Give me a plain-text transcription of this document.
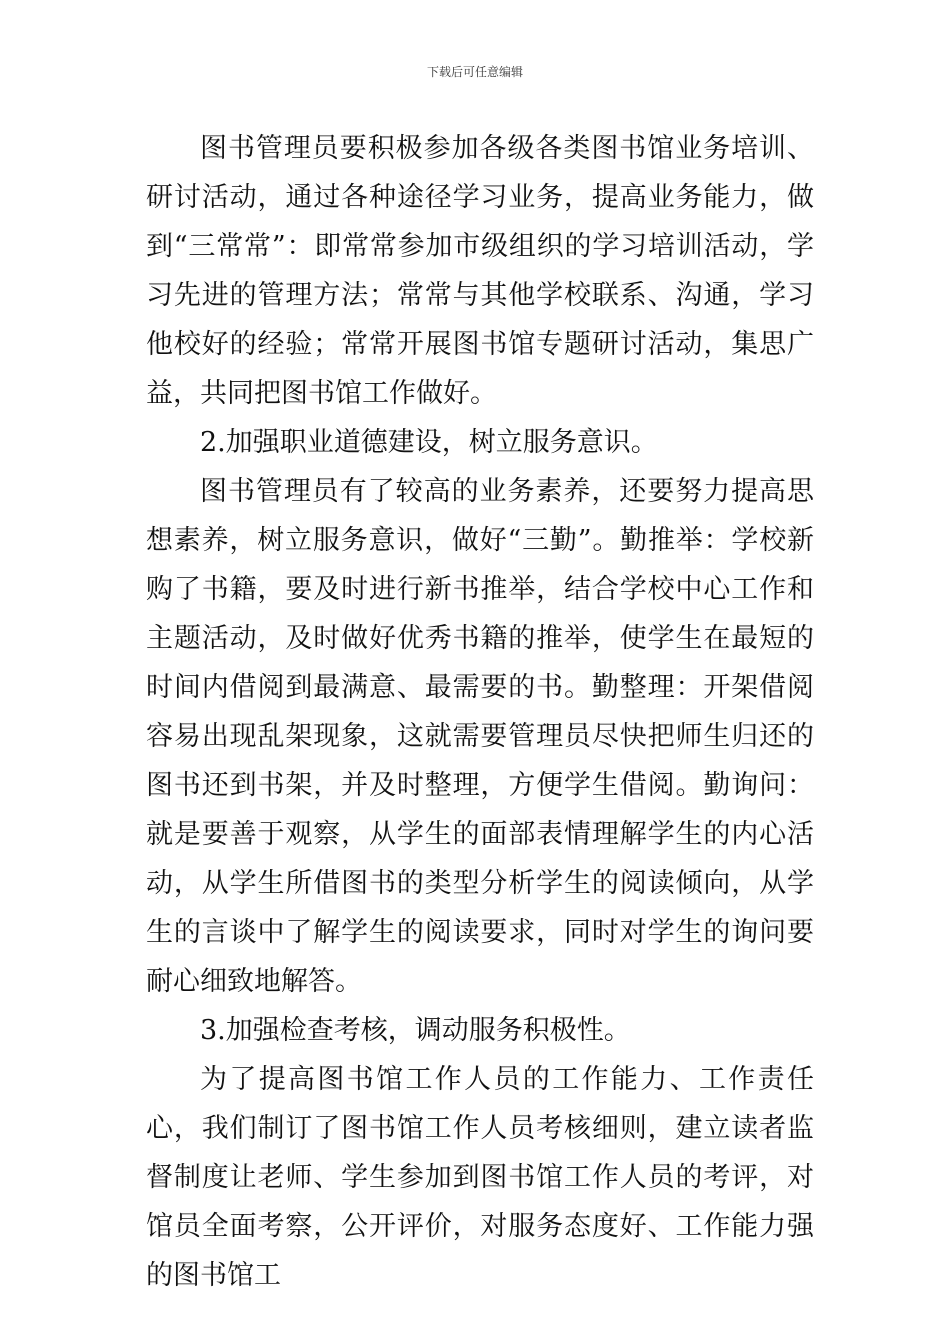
下载后可任意编辑

图书管理员要积极参加各级各类图书馆业务培训、研讨活动，通过各种途径学习业务，提高业务能力，做到“三常常”：即常常参加市级组织的学习培训活动，学习先进的管理方法；常常与其他学校联系、沟通，学习他校好的经验；常常开展图书馆专题研讨活动，集思广益，共同把图书馆工作做好。

2.加强职业道德建设，树立服务意识。

图书管理员有了较高的业务素养，还要努力提高思想素养，树立服务意识，做好“三勤”。勤推举：学校新购了书籍，要及时进行新书推举，结合学校中心工作和主题活动，及时做好优秀书籍的推举，使学生在最短的时间内借阅到最满意、最需要的书。勤整理：开架借阅容易出现乱架现象，这就需要管理员尽快把师生归还的图书还到书架，并及时整理，方便学生借阅。勤询问：就是要善于观察，从学生的面部表情理解学生的内心活动，从学生所借图书的类型分析学生的阅读倾向，从学生的言谈中了解学生的阅读要求，同时对学生的询问要耐心细致地解答。

3.加强检查考核，调动服务积极性。

为了提高图书馆工作人员的工作能力、工作责任心，我们制订了图书馆工作人员考核细则，建立读者监督制度让老师、学生参加到图书馆工作人员的考评，对馆员全面考察，公开评价，对服务态度好、工作能力强的图书馆工
